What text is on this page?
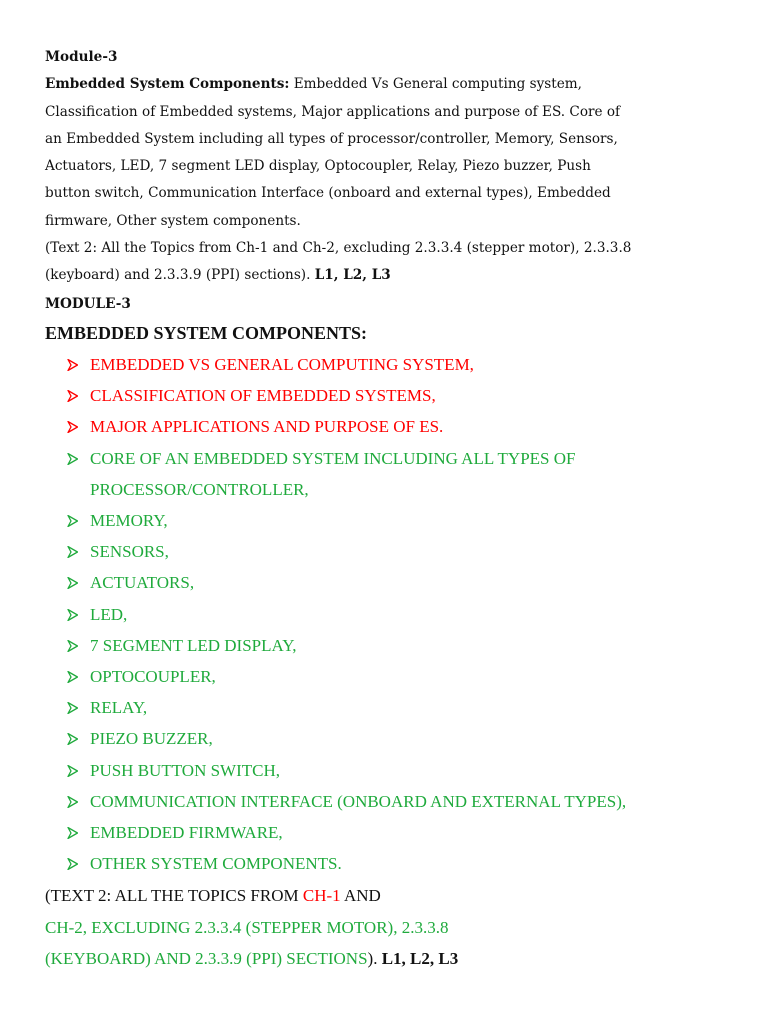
Module-3
Embedded System Components: Embedded Vs General computing system,
Classification of Embedded systems, Major applications and purpose of ES. Core of
an Embedded System including all types of processor/controller, Memory, Sensors,
Actuators, LED, 7 segment LED display, Optocoupler, Relay, Piezo buzzer, Push
button switch, Communication Interface (onboard and external types), Embedded
firmware, Other system components.
(Text 2: All the Topics from Ch-1 and Ch-2, excluding 2.3.3.4 (stepper motor), 2.3.3.8
(keyboard) and 2.3.3.9 (PPI) sections). L1, L2, L3
MODULE-3
EMBEDDED SYSTEM COMPONENTS:
EMBEDDED VS GENERAL COMPUTING SYSTEM,
CLASSIFICATION OF EMBEDDED SYSTEMS,
MAJOR APPLICATIONS AND PURPOSE OF ES.
CORE OF AN EMBEDDED SYSTEM INCLUDING ALL TYPES OF
PROCESSOR/CONTROLLER,
MEMORY,
SENSORS,
ACTUATORS,
LED,
7 SEGMENT LED DISPLAY,
OPTOCOUPLER,
RELAY,
PIEZO BUZZER,
PUSH BUTTON SWITCH,
COMMUNICATION INTERFACE (ONBOARD AND EXTERNAL TYPES),
EMBEDDED FIRMWARE,
OTHER SYSTEM COMPONENTS.
(TEXT 2: ALL THE TOPICS FROM CH-1 AND
CH-2, EXCLUDING 2.3.3.4 (STEPPER MOTOR), 2.3.3.8
(KEYBOARD) AND 2.3.3.9 (PPI) SECTIONS). L1, L2, L3
